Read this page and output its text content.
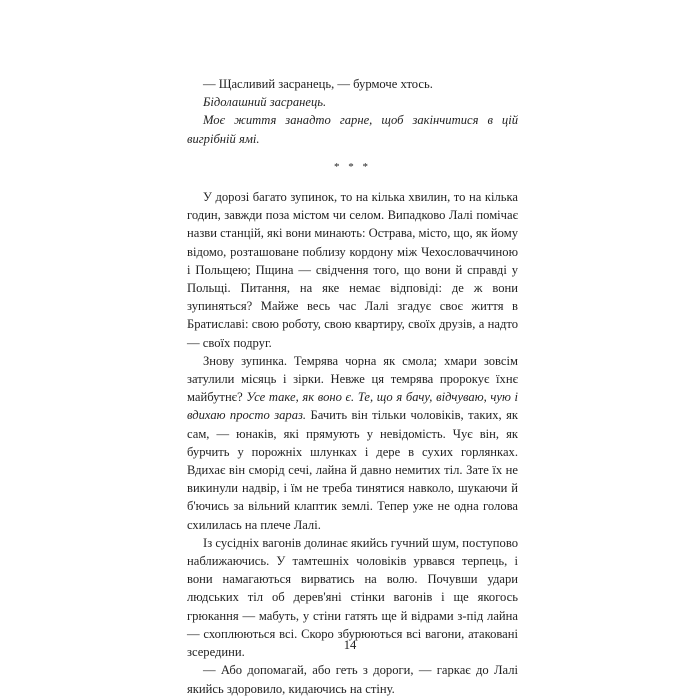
— Щасливий засранець, — бурмоче хтось.

Бідолашний засранець.

Моє життя занадто гарне, щоб закінчитися в цій вигрібній ямі.

* * *

У дорозі багато зупинок, то на кілька хвилин, то на кілька годин, завжди поза містом чи селом. Випадково Лалі помічає назви станцій, які вони минають: Острава, місто, що, як йому відомо, розташоване поблизу кордону між Чехословаччиною і Польщею; Пщина — свідчення того, що вони й справді у Польщі. Питання, на яке немає відповіді: де ж вони зупиняться? Майже весь час Лалі згадує своє життя в Братиславі: свою роботу, свою квартиру, своїх друзів, а надто — своїх подруг.

Знову зупинка. Темрява чорна як смола; хмари зовсім затулили місяць і зірки. Невже ця темрява пророкує їхнє майбутнє? Усе таке, як воно є. Те, що я бачу, відчуваю, чую і вдихаю просто зараз. Бачить він тільки чоловіків, таких, як сам, — юнаків, які прямують у невідомість. Чує він, як бурчить у порожніх шлунках і дере в сухих горлянках. Вдихає він сморід сечі, лайна й давно немитих тіл. Зате їх не викинули надвір, і їм не треба тинятися навколо, шукаючи й б'ючись за вільний клаптик землі. Тепер уже не одна голова схилилась на плече Лалі.

Із сусідніх вагонів долинає якийсь гучний шум, поступово наближаючись. У тамтешніх чоловіків урвався терпець, і вони намагаються вирватись на волю. Почувши удари людських тіл об дерев'яні стінки вагонів і ще якогось грюкання — мабуть, у стіни гатять ще й відрами з-під лайна — схоплюються всі. Скоро збурюються всі вагони, атаковані зсередини.

— Або допомагай, або геть з дороги, — гаркає до Лалі якийсь здоровило, кидаючись на стіну.

14
